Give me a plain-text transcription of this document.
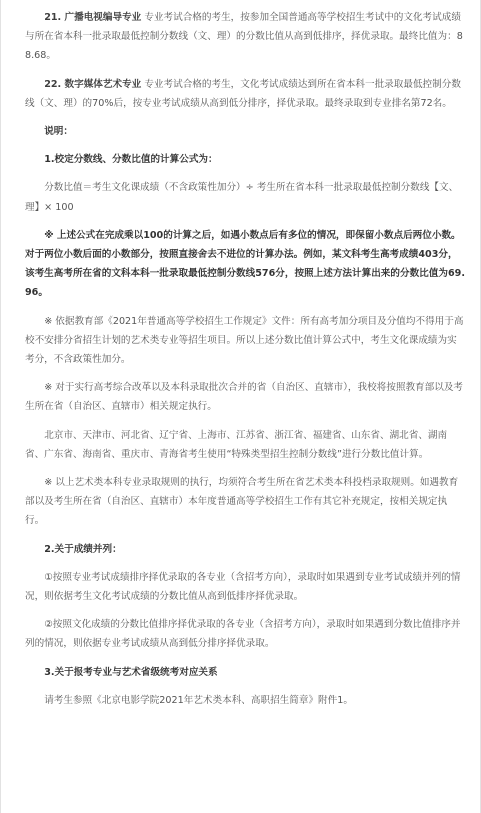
21. 广播电视编导专业 专业考试合格的考生，按参加全国普通高等学校招生考试中的文化考试成绩与所在省本科一批录取最低控制分数线（文、理）的分数比值从高到低排序，择优录取。最终比值为：88.68。

22. 数字媒体艺术专业 专业考试合格的考生，文化考试成绩达到所在省本科一批录取最低控制分数线（文、理）的70%后，按专业考试成绩从高到低分排序，择优录取。最终录取到专业排名第72名。

说明：

1.校定分数线、分数比值的计算公式为：

分数比值＝考生文化课成绩（不含政策性加分）÷ 考生所在省本科一批录取最低控制分数线【文、理】× 100

※ 上述公式在完成乘以100的计算之后，如遇小数点后有多位的情况，即保留小数点后两位小数。对于两位小数后面的小数部分，按照直接舍去不进位的计算办法。例如，某文科考生高考成绩403分，该考生高考所在省的文科本科一批录取最低控制分数线576分，按照上述方法计算出来的分数比值为69.96。

※ 依据教育部《2021年普通高等学校招生工作规定》文件：所有高考加分项目及分值均不得用于高校不安排分省招生计划的艺术类专业等招生项目。所以上述分数比值计算公式中，考生文化课成绩为实考分，不含政策性加分。

※ 对于实行高考综合改革以及本科录取批次合并的省（自治区、直辖市），我校将按照教育部以及考生所在省（自治区、直辖市）相关规定执行。

北京市、天津市、河北省、辽宁省、上海市、江苏省、浙江省、福建省、山东省、湖北省、湖南省、广东省、海南省、重庆市、青海省考生使用“特殊类型招生控制分数线”进行分数比值计算。

※ 以上艺术类本科专业录取规则的执行，均须符合考生所在省艺术类本科投档录取规则。如遇教育部以及考生所在省（自治区、直辖市）本年度普通高等学校招生工作有其它补充规定，按相关规定执行。

2.关于成绩并列：

①按照专业考试成绩排序择优录取的各专业（含招考方向），录取时如果遇到专业考试成绩并列的情况，则依据考生文化考试成绩的分数比值从高到低排序择优录取。

②按照文化成绩的分数比值排序择优录取的各专业（含招考方向），录取时如果遇到分数比值排序并列的情况，则依据专业考试成绩从高到低分排序择优录取。

3.关于报考专业与艺术省级统考对应关系

请考生参照《北京电影学院2021年艺术类本科、高职招生简章》附件1。
